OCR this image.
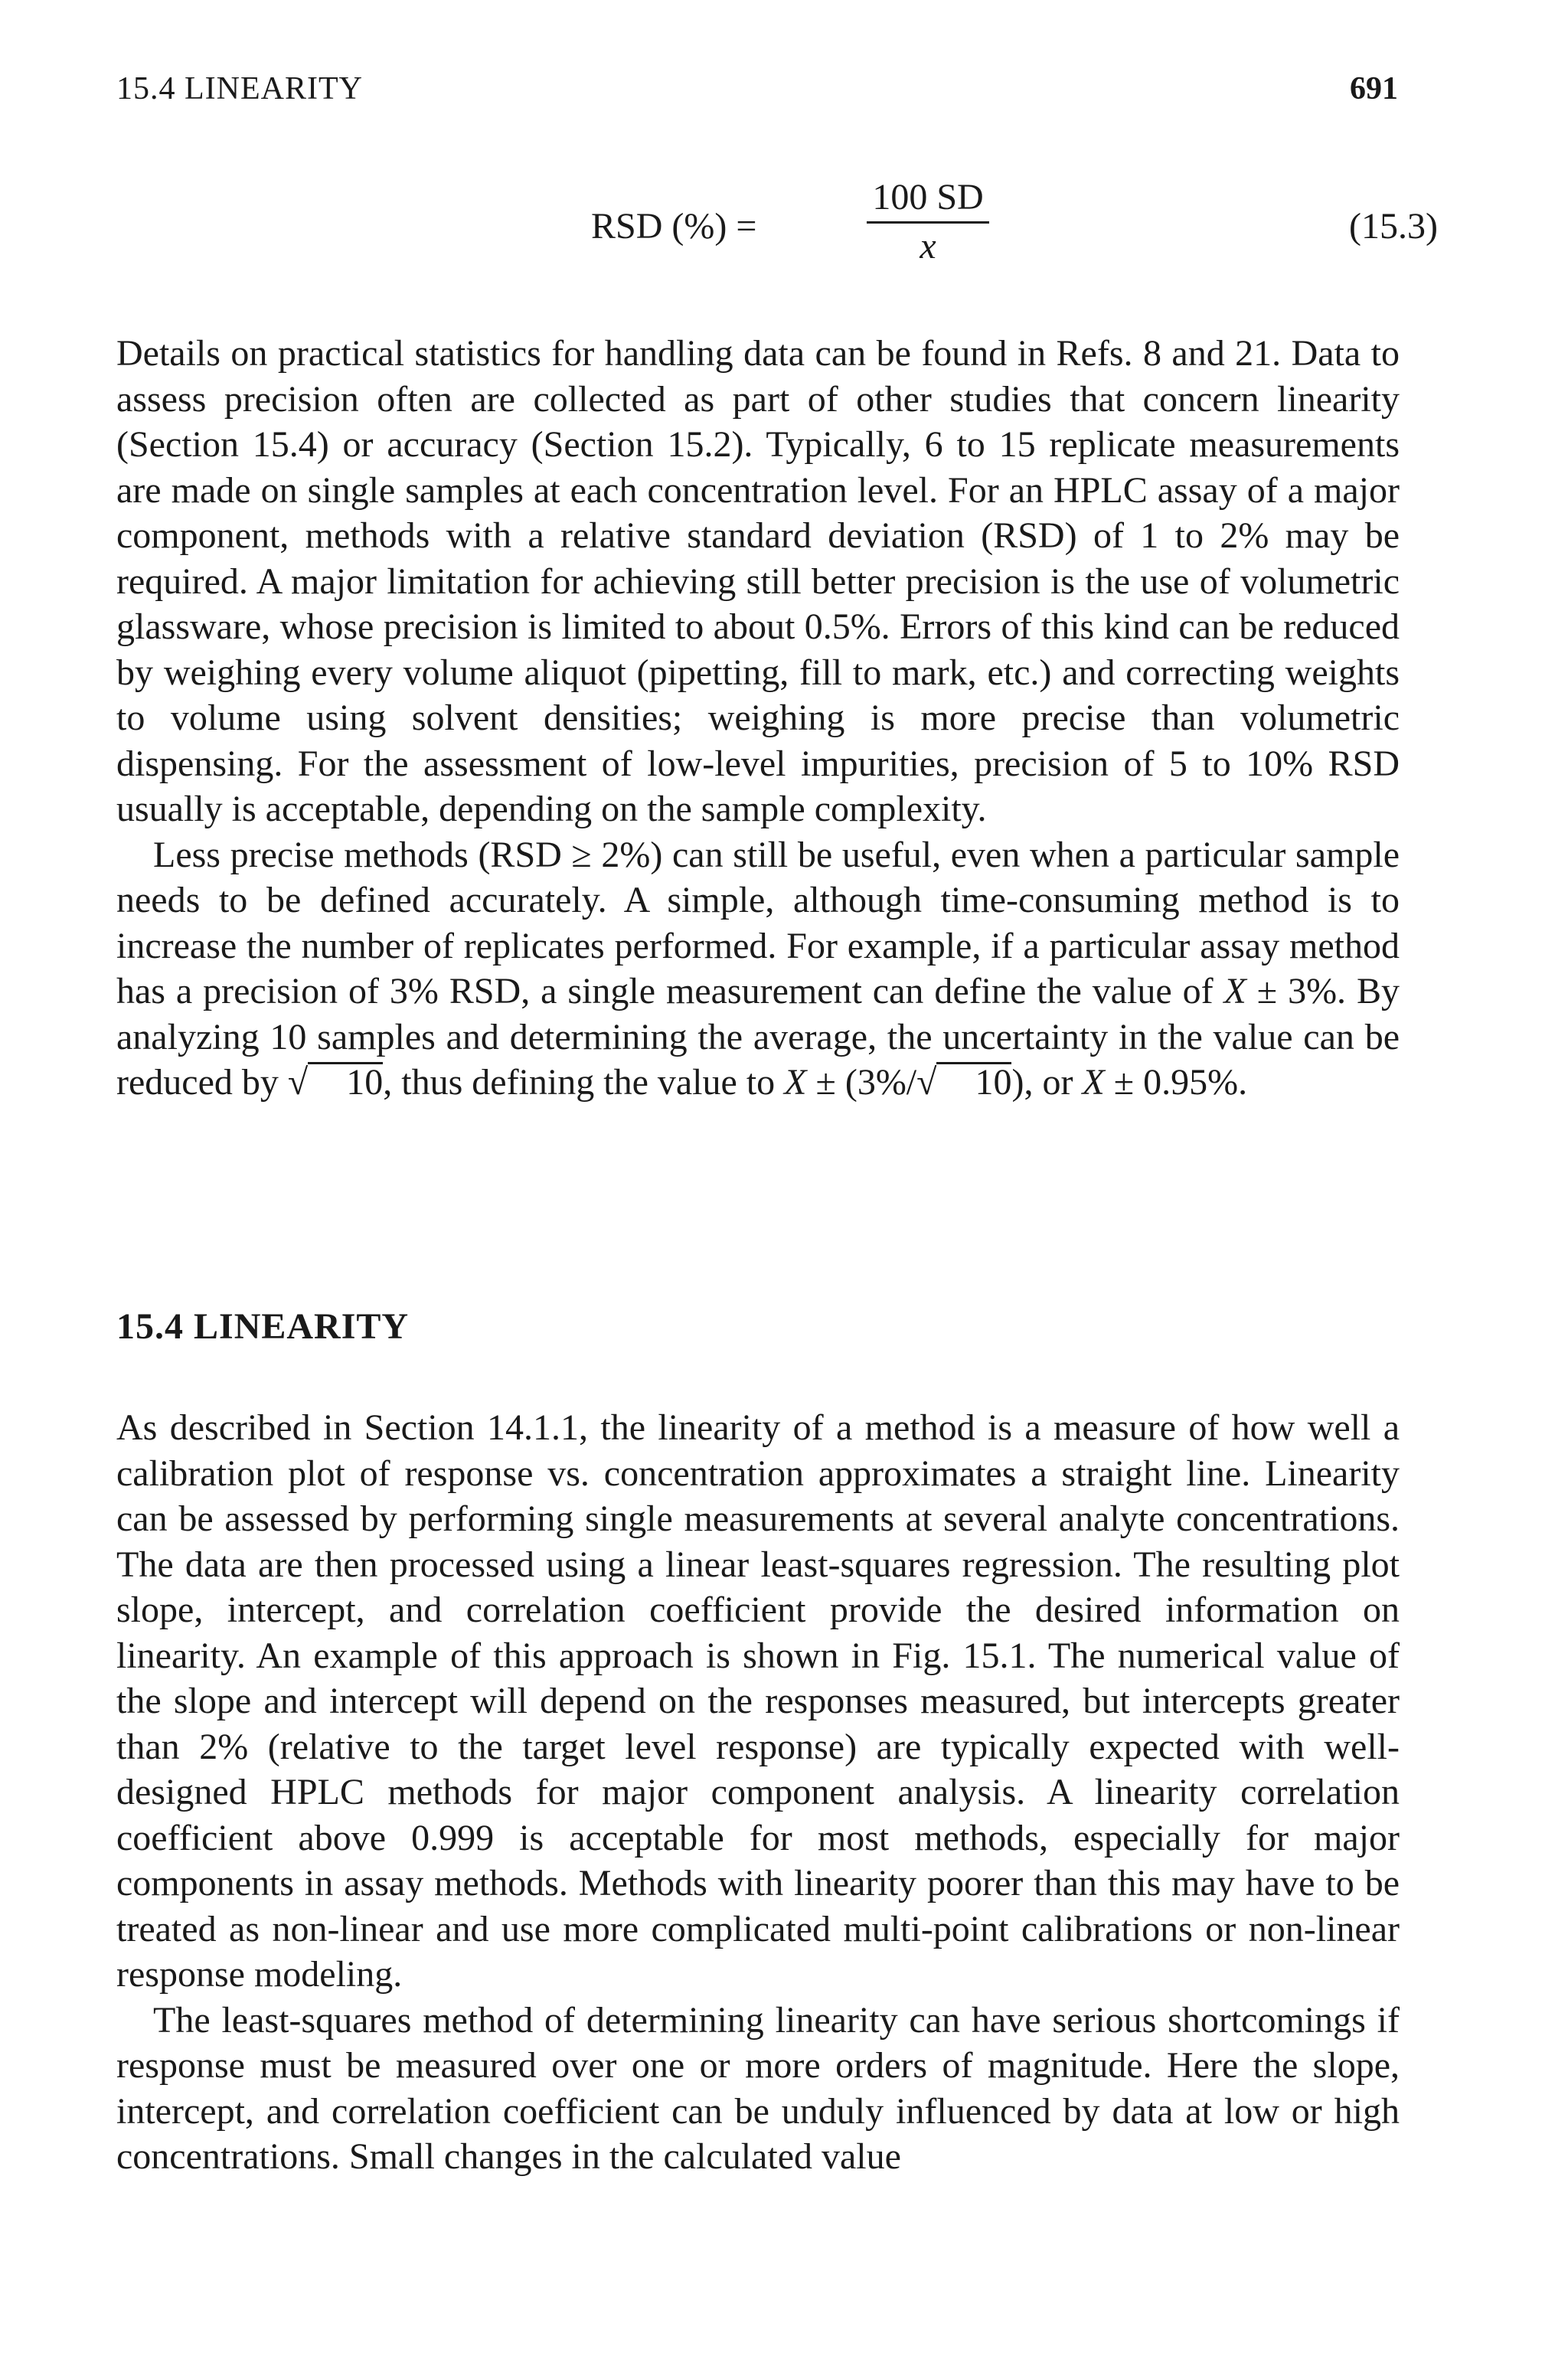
15.4 LINEARITY	691
RSD (%) =
100 SD
x	(15.3)

Details on practical statistics for handling data can be found in Refs. 8 and 21. Data to assess precision often are collected as part of other studies that concern linearity (Section 15.4) or accuracy (Section 15.2). Typically, 6 to 15 replicate measurements are made on single samples at each concentration level. For an HPLC assay of a major component, methods with a relative standard deviation (RSD) of 1 to 2% may be required. A major limitation for achieving still better precision is the use of volumetric glassware, whose precision is limited to about 0.5%. Errors of this kind can be reduced by weighing every volume aliquot (pipetting, fill to mark, etc.) and correcting weights to volume using solvent densities; weighing is more precise than volumetric dispensing. For the assessment of low-level impurities, precision of 5 to 10% RSD usually is acceptable, depending on the sample complexity.

Less precise methods (RSD ≥ 2%) can still be useful, even when a particular sample needs to be defined accurately. A simple, although time-consuming method is to increase the number of replicates performed. For example, if a particular assay method has a precision of 3% RSD, a single measurement can define the value of X ± 3%. By analyzing 10 samples and determining the average, the uncertainty in the value can be reduced by √ 10, thus defining the value to X ± (3%/√ 10), or X ± 0.95%.

15.4 LINEARITY

As described in Section 14.1.1, the linearity of a method is a measure of how well a calibration plot of response vs. concentration approximates a straight line. Linearity can be assessed by performing single measurements at several analyte concentrations. The data are then processed using a linear least-squares regression. The resulting plot slope, intercept, and correlation coefficient provide the desired information on linearity. An example of this approach is shown in Fig. 15.1. The numerical value of the slope and intercept will depend on the responses measured, but intercepts greater than 2% (relative to the target level response) are typically expected with well-designed HPLC methods for major component analysis. A linearity correlation coefficient above 0.999 is acceptable for most methods, especially for major components in assay methods. Methods with linearity poorer than this may have to be treated as non-linear and use more complicated multi-point calibrations or non-linear response modeling.

The least-squares method of determining linearity can have serious shortcomings if response must be measured over one or more orders of magnitude. Here the slope, intercept, and correlation coefficient can be unduly influenced by data at low or high concentrations. Small changes in the calculated value
